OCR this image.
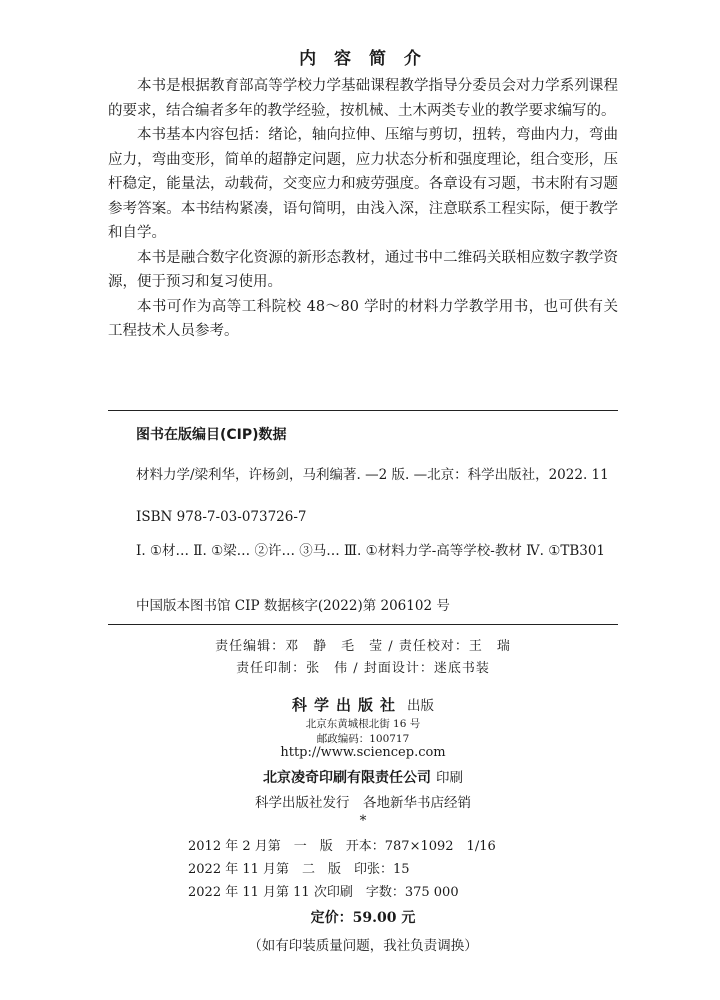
内 容 简 介

本书是根据教育部高等学校力学基础课程教学指导分委员会对力学系列课程的要求，结合编者多年的教学经验，按机械、土木两类专业的教学要求编写的。

本书基本内容包括：绪论，轴向拉伸、压缩与剪切，扭转，弯曲内力，弯曲应力，弯曲变形，简单的超静定问题，应力状态分析和强度理论，组合变形，压杆稳定，能量法，动载荷，交变应力和疲劳强度。各章设有习题，书末附有习题参考答案。本书结构紧凑，语句简明，由浅入深，注意联系工程实际，便于教学和自学。

本书是融合数字化资源的新形态教材，通过书中二维码关联相应数字教学资源，便于预习和复习使用。

本书可作为高等工科院校 48～80 学时的材料力学教学用书，也可供有关工程技术人员参考。

图书在版编目(CIP)数据
材料力学/梁利华，许杨剑，马利编著. —2 版. —北京：科学出版社，2022. 11
ISBN 978-7-03-073726-7
Ⅰ. ①材… Ⅱ. ①梁… ②许… ③马… Ⅲ. ①材料力学-高等学校-教材 Ⅳ. ①TB301
中国版本图书馆 CIP 数据核字(2022)第 206102 号
责任编辑：邓　静　毛　莹 / 责任校对：王　瑞
责任印制：张　伟 / 封面设计：迷底书装
科学出版社 出版
北京东黄城根北街 16 号
邮政编码：100717
http://www.sciencep.com
北京凌奇印刷有限责任公司 印刷
科学出版社发行　各地新华书店经销
*
2012 年 2 月第　一　版　开本：787×1092　1/16
2022 年 11 月第　二　版　印张：15
2022 年 11 月第 11 次印刷　字数：375 000
定价：59.00 元
（如有印装质量问题，我社负责调换）
